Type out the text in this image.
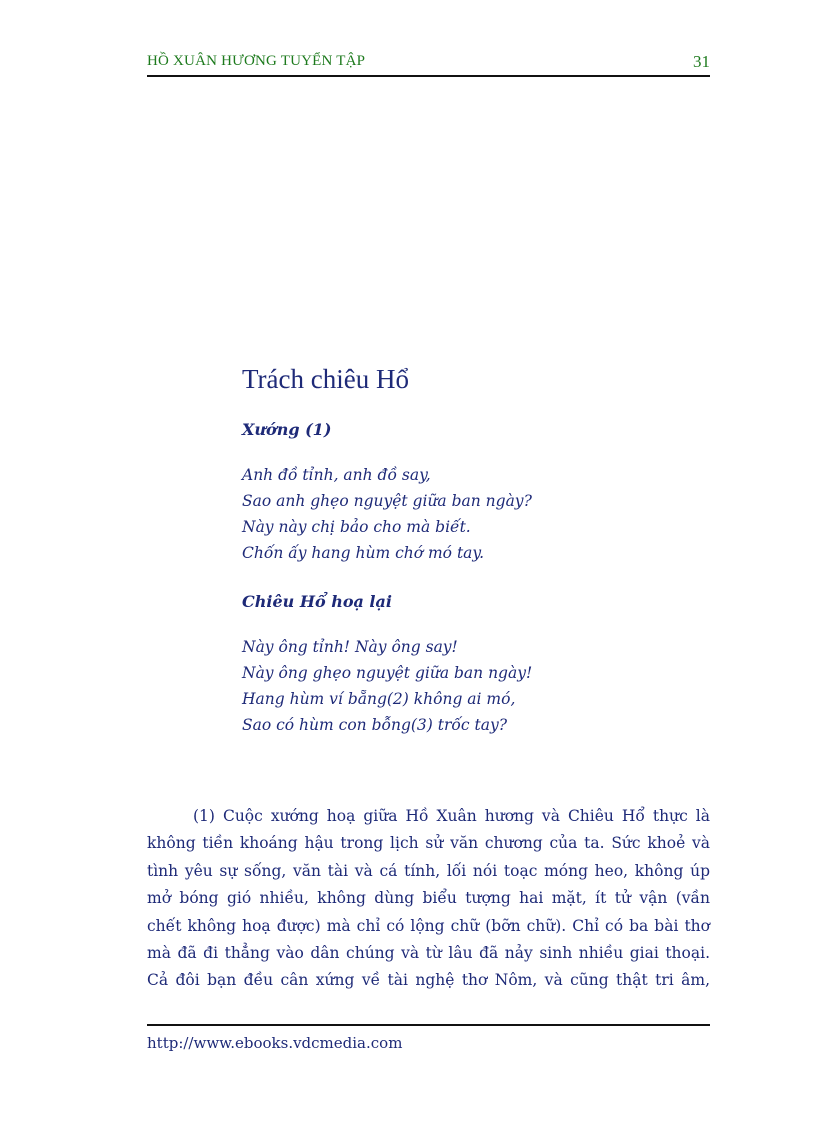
HỒ XUÂN HƯƠNG TUYỂN TẬP	31
Trách chiêu Hổ
Xướng (1)
Anh đồ tỉnh, anh đồ say,
Sao anh ghẹo nguyệt giữa ban ngày?
Này này chị bảo cho mà biết.
Chốn ấy hang hùm chớ mó tay.
Chiêu Hổ hoạ lại
Này ông tỉnh! Này ông say!
Này ông ghẹo nguyệt giữa ban ngày!
Hang hùm ví bẵng(2) không ai mó,
Sao có hùm con bỗng(3) trốc tay?
(1) Cuộc xướng hoạ giữa Hồ Xuân hương và Chiêu Hổ thực là
không tiền khoáng hậu trong lịch sử văn chương của ta. Sức khoẻ và
tình yêu sự sống, văn tài và cá tính, lối nói toạc móng heo, không úp
mở bóng gió nhiều, không dùng biểu tượng hai mặt, ít tử vận (vần
chết không hoạ được) mà chỉ có lộng chữ (bỡn chữ). Chỉ có ba bài thơ
mà đã đi thẳng vào dân chúng và từ lâu đã nảy sinh nhiều giai thoại.
Cả đôi bạn đều cân xứng về tài nghệ thơ Nôm, và cũng thật tri âm,
http://www.ebooks.vdcmedia.com
